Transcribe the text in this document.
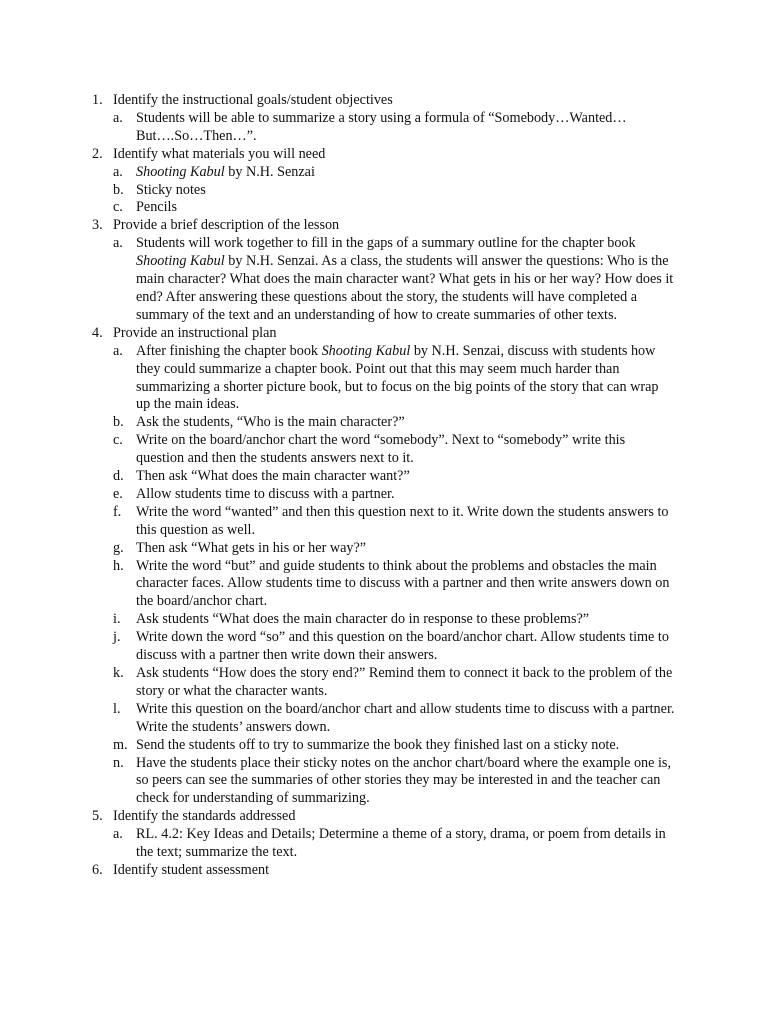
1. Identify the instructional goals/student objectives
a. Students will be able to summarize a story using a formula of “Somebody…Wanted…But….So…Then…”.
2. Identify what materials you will need
a. Shooting Kabul by N.H. Senzai
b. Sticky notes
c. Pencils
3. Provide a brief description of the lesson
a. Students will work together to fill in the gaps of a summary outline for the chapter book Shooting Kabul by N.H. Senzai. As a class, the students will answer the questions: Who is the main character? What does the main character want? What gets in his or her way? How does it end? After answering these questions about the story, the students will have completed a summary of the text and an understanding of how to create summaries of other texts.
4. Provide an instructional plan
a. After finishing the chapter book Shooting Kabul by N.H. Senzai, discuss with students how they could summarize a chapter book. Point out that this may seem much harder than summarizing a shorter picture book, but to focus on the big points of the story that can wrap up the main ideas.
b. Ask the students, “Who is the main character?”
c. Write on the board/anchor chart the word “somebody”. Next to “somebody” write this question and then the students answers next to it.
d. Then ask “What does the main character want?”
e. Allow students time to discuss with a partner.
f. Write the word “wanted” and then this question next to it. Write down the students answers to this question as well.
g. Then ask “What gets in his or her way?”
h. Write the word “but” and guide students to think about the problems and obstacles the main character faces. Allow students time to discuss with a partner and then write answers down on the board/anchor chart.
i. Ask students “What does the main character do in response to these problems?”
j. Write down the word “so” and this question on the board/anchor chart. Allow students time to discuss with a partner then write down their answers.
k. Ask students “How does the story end?” Remind them to connect it back to the problem of the story or what the character wants.
l. Write this question on the board/anchor chart and allow students time to discuss with a partner. Write the students’ answers down.
m. Send the students off to try to summarize the book they finished last on a sticky note.
n. Have the students place their sticky notes on the anchor chart/board where the example one is, so peers can see the summaries of other stories they may be interested in and the teacher can check for understanding of summarizing.
5. Identify the standards addressed
a. RL. 4.2: Key Ideas and Details; Determine a theme of a story, drama, or poem from details in the text; summarize the text.
6. Identify student assessment
